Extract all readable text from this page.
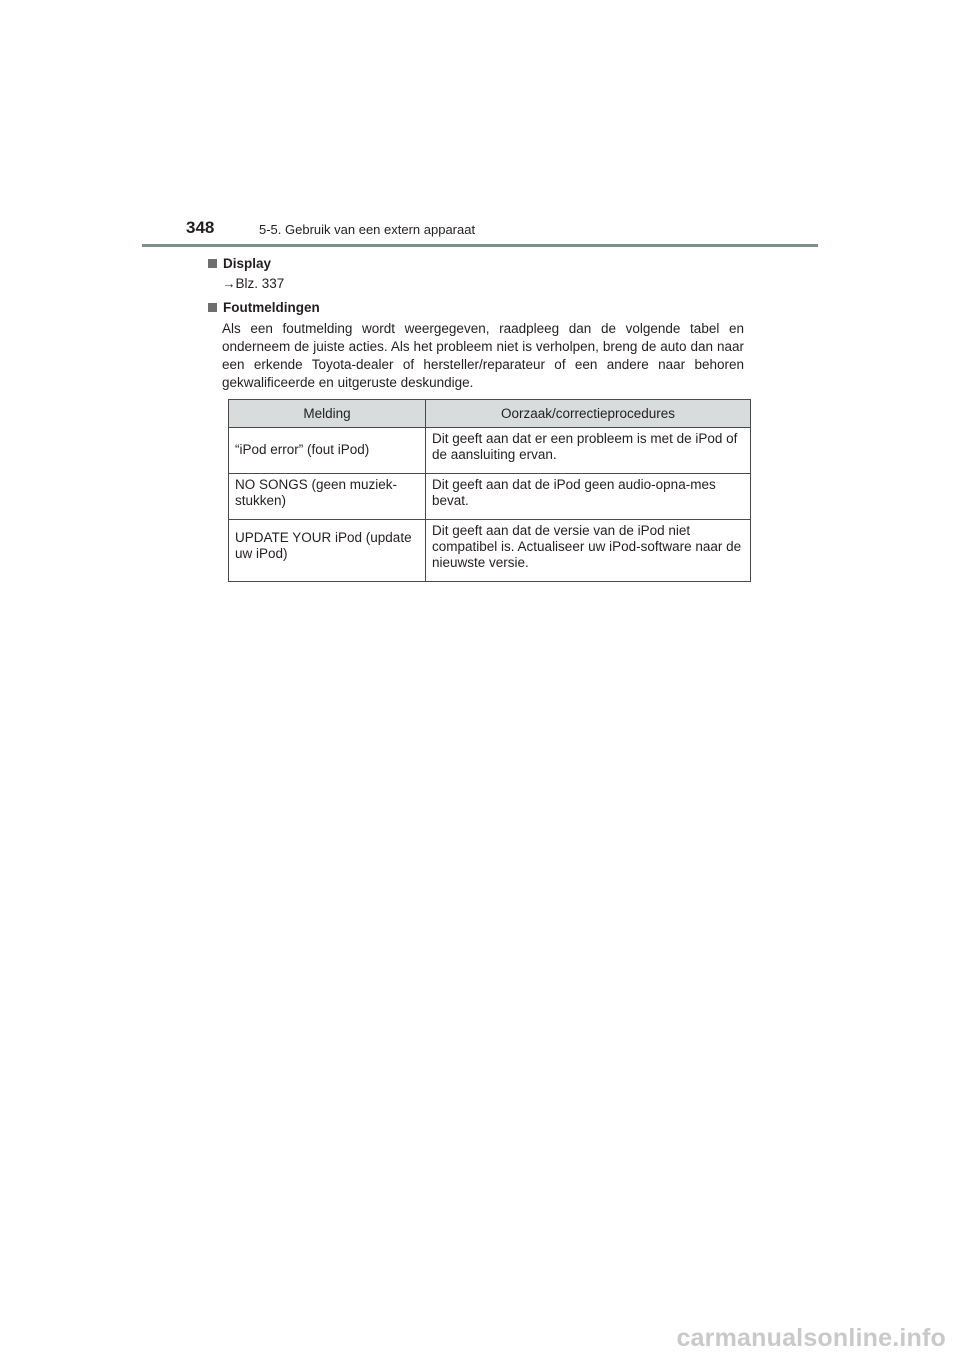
348	5-5. Gebruik van een extern apparaat
Display
→Blz. 337
Foutmeldingen
Als een foutmelding wordt weergegeven, raadpleeg dan de volgende tabel en onderneem de juiste acties. Als het probleem niet is verholpen, breng de auto dan naar een erkende Toyota-dealer of hersteller/reparateur of een andere naar behoren gekwalificeerde en uitgeruste deskundige.
Melding	Oorzaak/correctieprocedures
“iPod error” (fout iPod)	Dit geeft aan dat er een probleem is met de iPod of de aansluiting ervan.
NO SONGS (geen muziek-stukken)	Dit geeft aan dat de iPod geen audio-opna-mes bevat.
UPDATE YOUR iPod (update uw iPod)	Dit geeft aan dat de versie van de iPod niet compatibel is. Actualiseer uw iPod-software naar de nieuwste versie.
carmanualsonline.info
